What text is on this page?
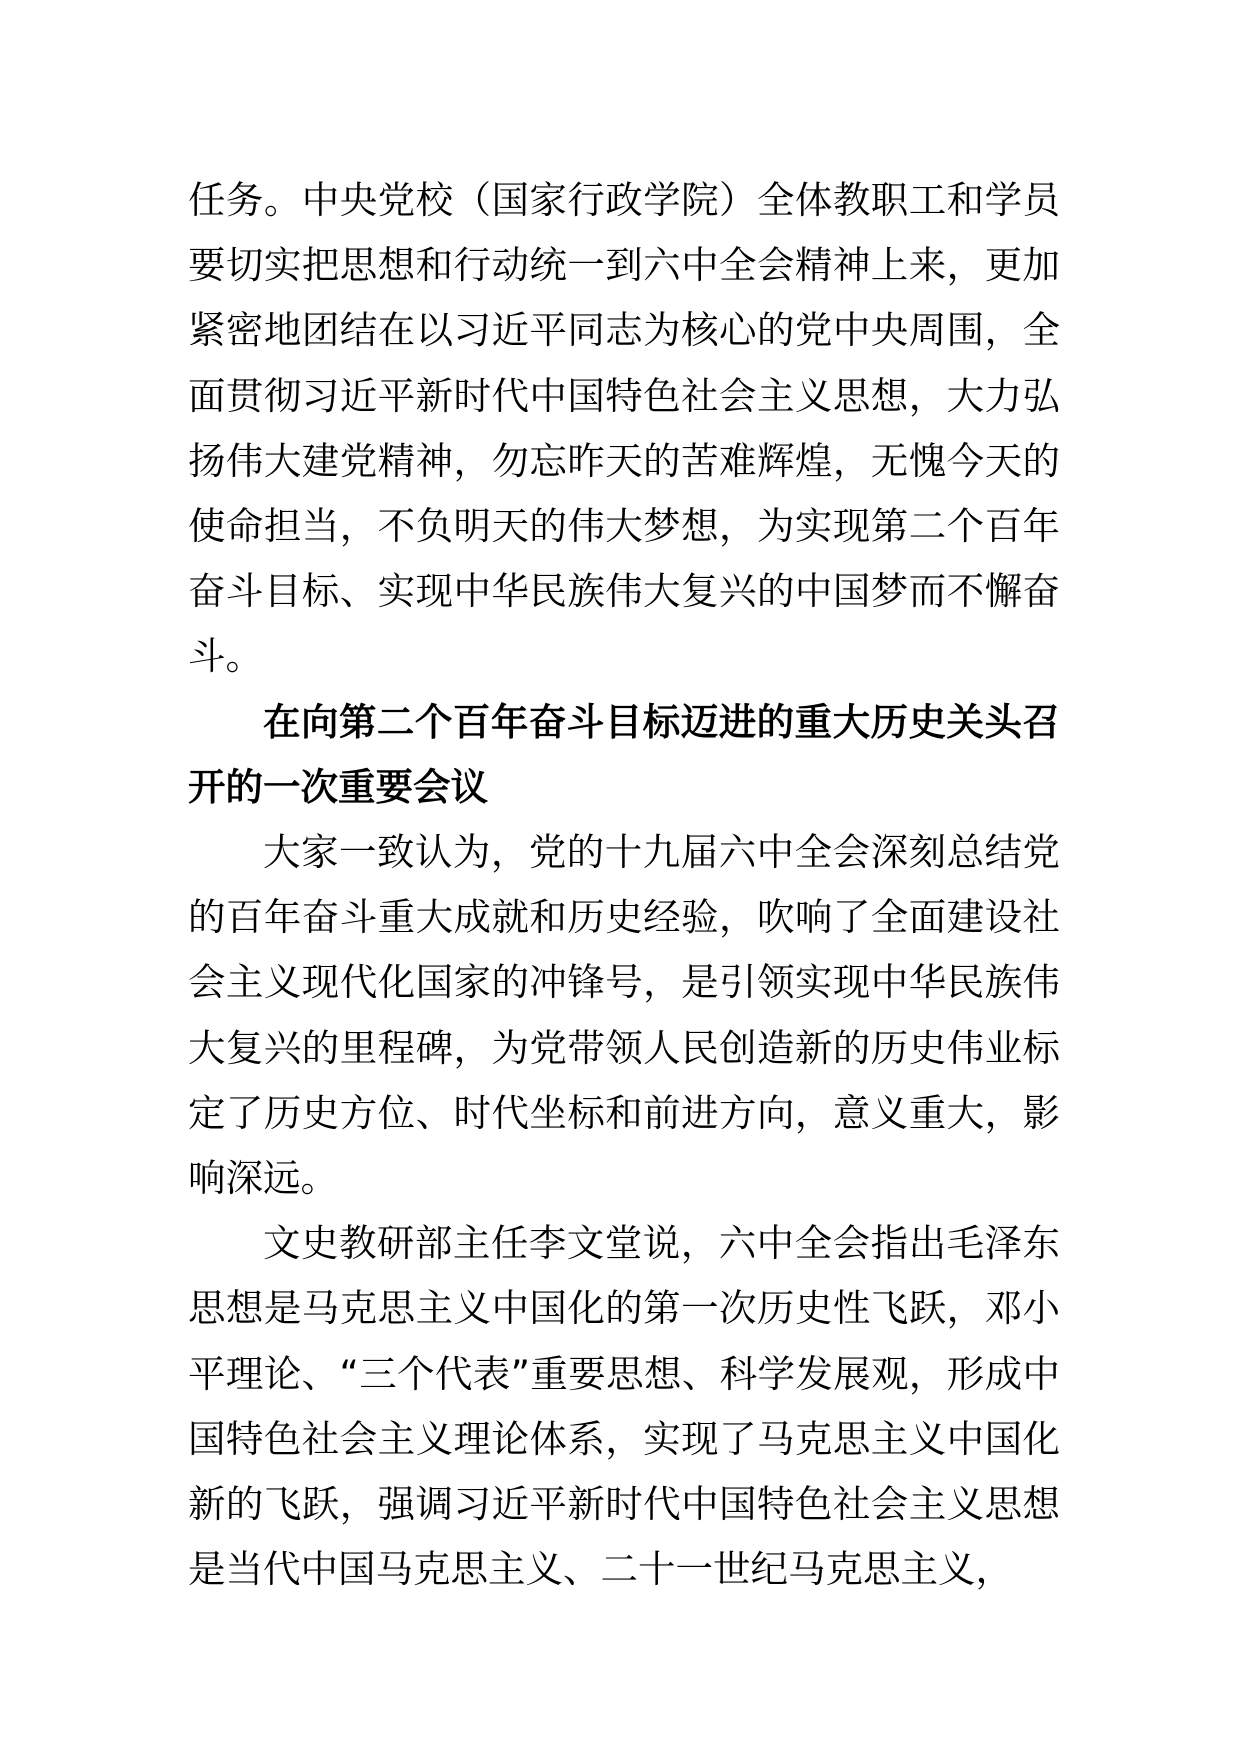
任务。中央党校（国家行政学院）全体教职工和学员要切实把思想和行动统一到六中全会精神上来，更加紧密地团结在以习近平同志为核心的党中央周围，全面贯彻习近平新时代中国特色社会主义思想，大力弘扬伟大建党精神，勿忘昨天的苦难辉煌，无愧今天的使命担当，不负明天的伟大梦想，为实现第二个百年奋斗目标、实现中华民族伟大复兴的中国梦而不懈奋斗。

在向第二个百年奋斗目标迈进的重大历史关头召开的一次重要会议

大家一致认为，党的十九届六中全会深刻总结党的百年奋斗重大成就和历史经验，吹响了全面建设社会主义现代化国家的冲锋号，是引领实现中华民族伟大复兴的里程碑，为党带领人民创造新的历史伟业标定了历史方位、时代坐标和前进方向，意义重大，影响深远。

文史教研部主任李文堂说，六中全会指出毛泽东思想是马克思主义中国化的第一次历史性飞跃，邓小平理论、“三个代表”重要思想、科学发展观，形成中国特色社会主义理论体系，实现了马克思主义中国化新的飞跃，强调习近平新时代中国特色社会主义思想是当代中国马克思主义、二十一世纪马克思主义，
